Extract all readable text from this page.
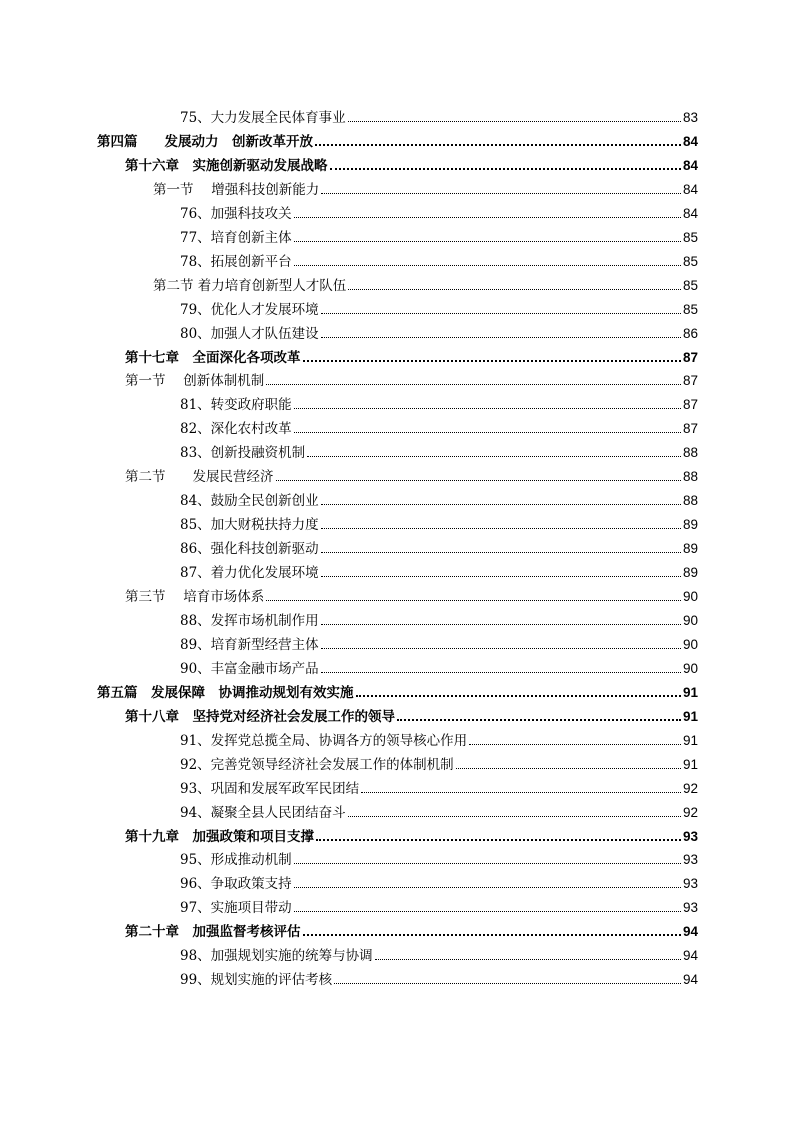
75、大力发展全民体育事业	83
第四篇　　发展动力　创新改革开放	84
第十六章　实施创新驱动发展战略	84
第一节　 增强科技创新能力	84
76、加强科技攻关	84
77、培育创新主体	85
78、拓展创新平台	85
第二节 着力培育创新型人才队伍	85
79、优化人才发展环境	85
80、加强人才队伍建设	86
第十七章　全面深化各项改革	87
第一节　 创新体制机制	87
81、转变政府职能	87
82、深化农村改革	87
83、创新投融资机制	88
第二节　　发展民营经济	88
84、鼓励全民创新创业	88
85、加大财税扶持力度	89
86、强化科技创新驱动	89
87、着力优化发展环境	89
第三节　 培育市场体系	90
88、发挥市场机制作用	90
89、培育新型经营主体	90
90、丰富金融市场产品	90
第五篇　发展保障　协调推动规划有效实施	91
第十八章　坚持党对经济社会发展工作的领导	91
91、发挥党总揽全局、协调各方的领导核心作用	91
92、完善党领导经济社会发展工作的体制机制	91
93、巩固和发展军政军民团结	92
94、凝聚全县人民团结奋斗	92
第十九章　加强政策和项目支撑	93
95、形成推动机制	93
96、争取政策支持	93
97、实施项目带动	93
第二十章　加强监督考核评估	94
98、加强规划实施的统筹与协调	94
99、规划实施的评估考核	94
